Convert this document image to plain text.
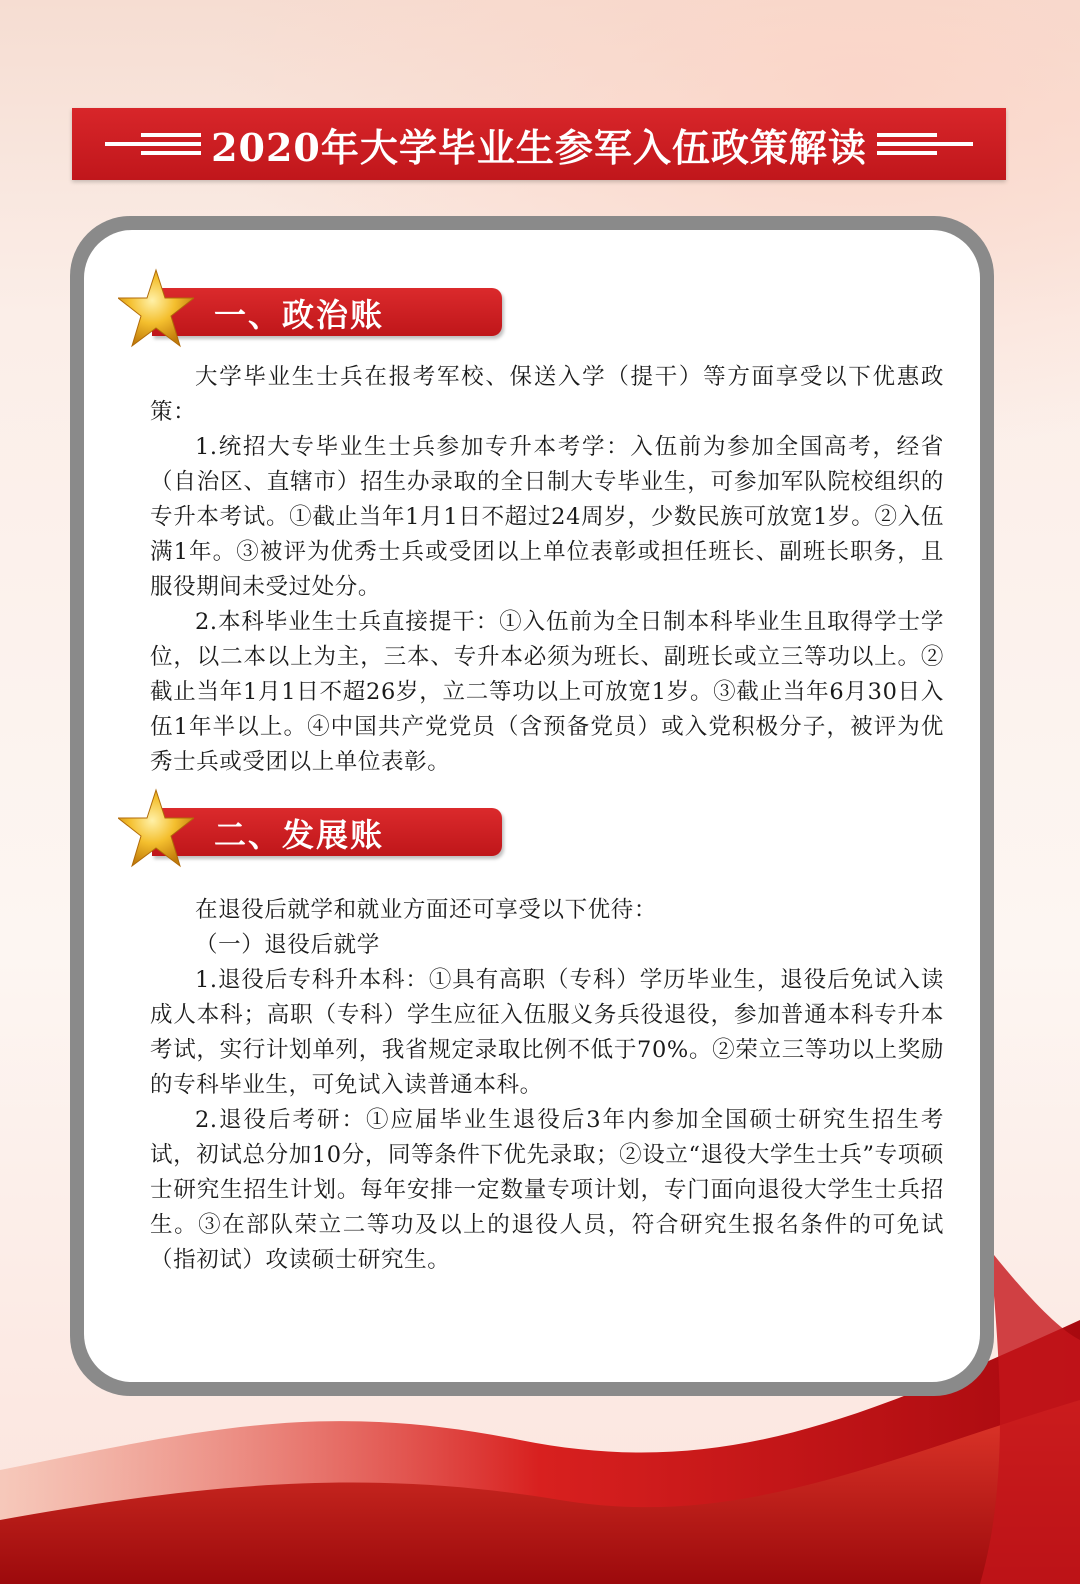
2020年大学毕业生参军入伍政策解读
一、政治账

大学毕业生士兵在报考军校、保送入学（提干）等方面享受以下优惠政策：

1.统招大专毕业生士兵参加专升本考学：入伍前为参加全国高考，经省（自治区、直辖市）招生办录取的全日制大专毕业生，可参加军队院校组织的专升本考试。①截止当年1月1日不超过24周岁，少数民族可放宽1岁。②入伍满1年。③被评为优秀士兵或受团以上单位表彰或担任班长、副班长职务，且服役期间未受过处分。

2.本科毕业生士兵直接提干：①入伍前为全日制本科毕业生且取得学士学位，以二本以上为主，三本、专升本必须为班长、副班长或立三等功以上。②截止当年1月1日不超26岁，立二等功以上可放宽1岁。③截止当年6月30日入伍1年半以上。④中国共产党党员（含预备党员）或入党积极分子，被评为优秀士兵或受团以上单位表彰。

二、发展账

在退役后就学和就业方面还可享受以下优待：

（一）退役后就学

1.退役后专科升本科：①具有高职（专科）学历毕业生，退役后免试入读成人本科；高职（专科）学生应征入伍服义务兵役退役，参加普通本科专升本考试，实行计划单列，我省规定录取比例不低于70%。②荣立三等功以上奖励的专科毕业生，可免试入读普通本科。

2.退役后考研：①应届毕业生退役后3年内参加全国硕士研究生招生考试，初试总分加10分，同等条件下优先录取；②设立“退役大学生士兵”专项硕士研究生招生计划。每年安排一定数量专项计划，专门面向退役大学生士兵招生。③在部队荣立二等功及以上的退役人员，符合研究生报名条件的可免试（指初试）攻读硕士研究生。
